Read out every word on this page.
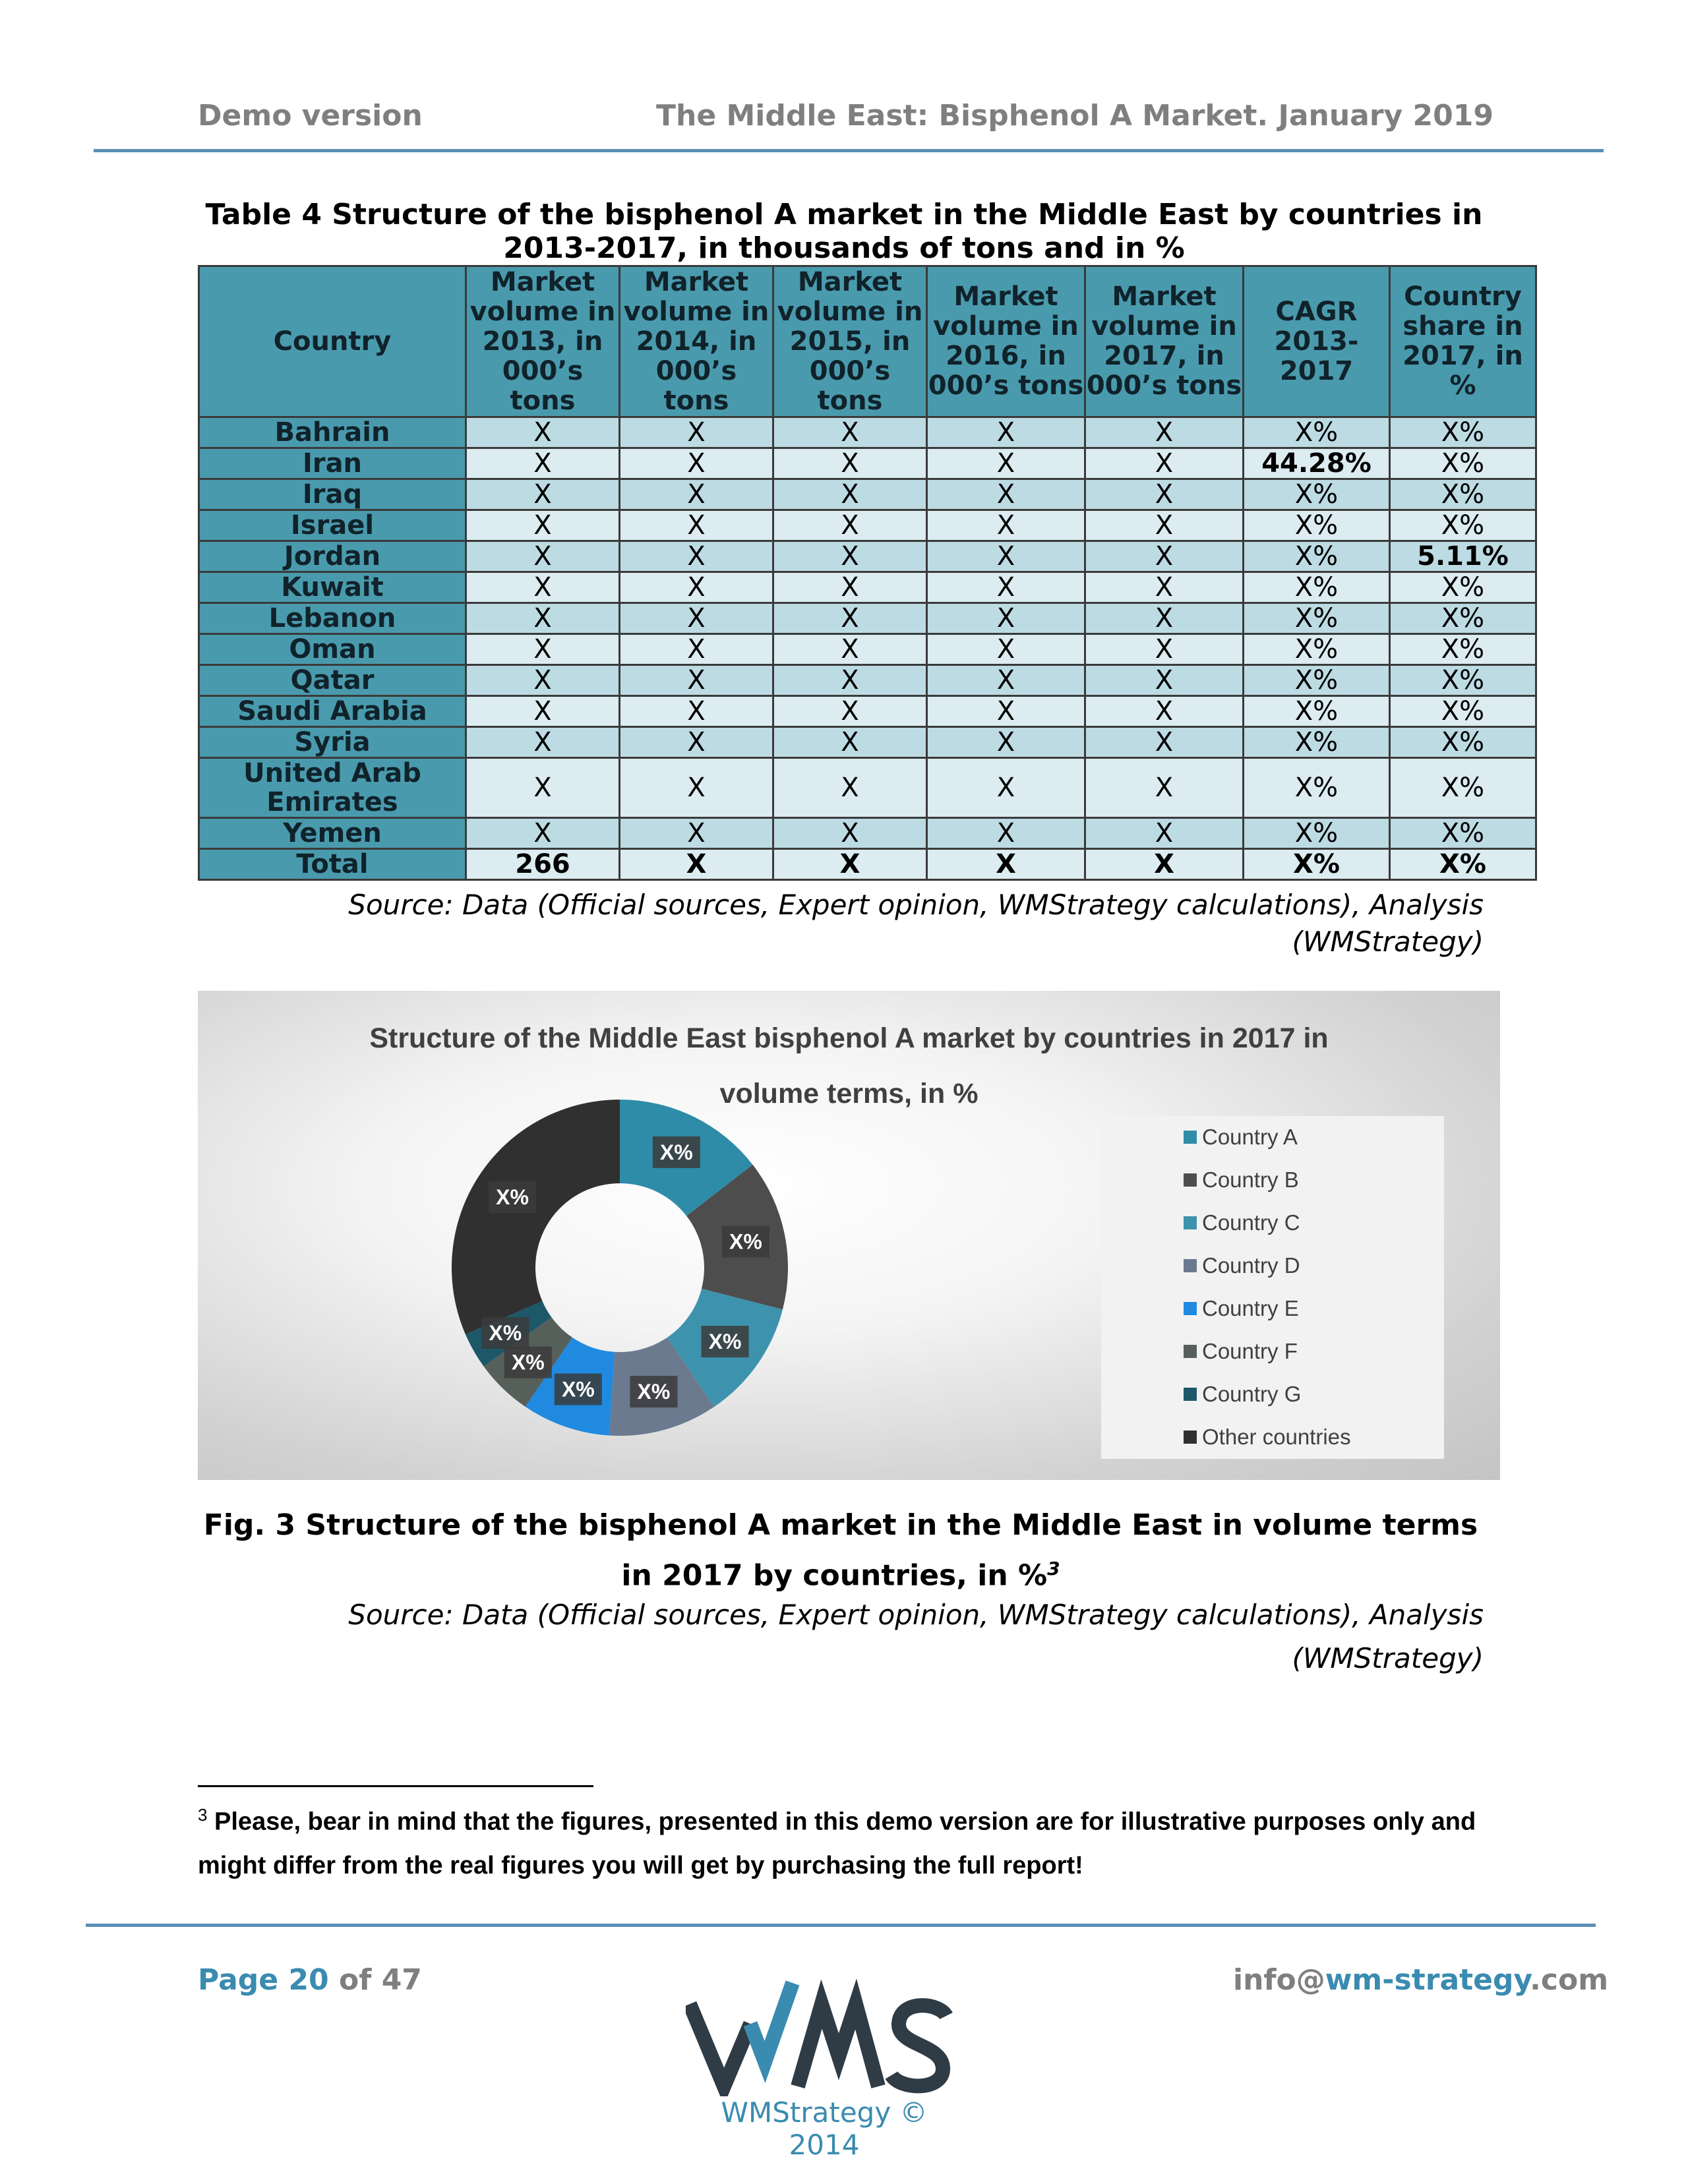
Demo version	The Middle East: Bisphenol A Market. January 2019
Table 4 Structure of the bisphenol A market in the Middle East by countries in 2013-2017, in thousands of tons and in %
Country	Market volume in 2013, in 000’s tons	Market volume in 2014, in 000’s tons	Market volume in 2015, in 000’s tons	Market volume in 2016, in 000’s tons	Market volume in 2017, in 000’s tons	CAGR 2013-2017	Country share in 2017, in %
Bahrain	X	X	X	X	X	X%	X%
Iran	X	X	X	X	X	44.28%	X%
Iraq	X	X	X	X	X	X%	X%
Israel	X	X	X	X	X	X%	X%
Jordan	X	X	X	X	X	X%	5.11%
Kuwait	X	X	X	X	X	X%	X%
Lebanon	X	X	X	X	X	X%	X%
Oman	X	X	X	X	X	X%	X%
Qatar	X	X	X	X	X	X%	X%
Saudi Arabia	X	X	X	X	X	X%	X%
Syria	X	X	X	X	X	X%	X%
United Arab Emirates	X	X	X	X	X	X%	X%
Yemen	X	X	X	X	X	X%	X%
Total	266	X	X	X	X	X%	X%
Source: Data (Official sources, Expert opinion, WMStrategy calculations), Analysis (WMStrategy)
Structure of the Middle East bisphenol A market by countries in 2017 in
volume terms, in %
X%
X%
X%
X%
X%
X%
X%
X%
Country A
Country B
Country C
Country D
Country E
Country F
Country G
Other countries
Fig. 3 Structure of the bisphenol A market in the Middle East in volume terms in 2017 by countries, in %$^3$
Source: Data (Official sources, Expert opinion, WMStrategy calculations), Analysis (WMStrategy)
$^3$ Please, bear in mind that the figures, presented in this demo version are for illustrative purposes only and might differ from the real figures you will get by purchasing the full report!
Page 20 of 47	info@wm-strategy.com
WMS
WMStrategy © 2014
